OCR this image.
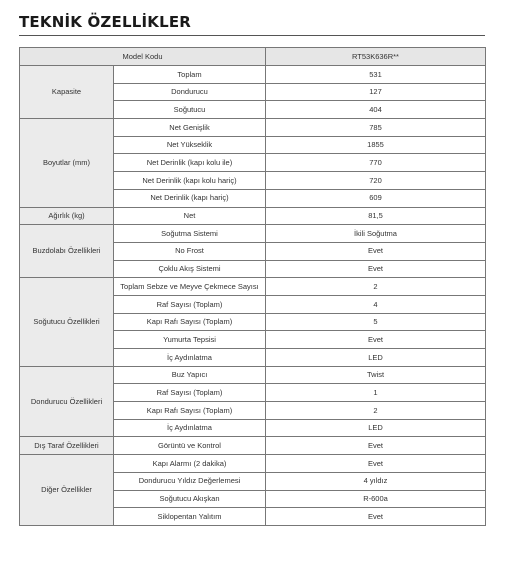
TEKNİK ÖZELLİKLER
Model Kodu		RT53K636R**
Kapasite	Toplam	531
	Dondurucu	127
	Soğutucu	404
Boyutlar (mm)	Net Genişlik	785
	Net Yükseklik	1855
	Net Derinlik (kapı kolu ile)	770
	Net Derinlik (kapı kolu hariç)	720
	Net Derinlik (kapı hariç)	609
Ağırlık (kg)	Net	81,5
Buzdolabı Özellikleri	Soğutma Sistemi	İkili Soğutma
	No Frost	Evet
	Çoklu Akış Sistemi	Evet
Soğutucu Özellikleri	Toplam Sebze ve Meyve Çekmece Sayısı	2
	Raf Sayısı (Toplam)	4
	Kapı Rafı Sayısı (Toplam)	5
	Yumurta Tepsisi	Evet
	İç Aydınlatma	LED
Dondurucu Özellikleri	Buz Yapıcı	Twist
	Raf Sayısı (Toplam)	1
	Kapı Rafı Sayısı (Toplam)	2
	İç Aydınlatma	LED
Dış Taraf Özellikleri	Görüntü ve Kontrol	Evet
Diğer Özellikler	Kapı Alarmı (2 dakika)	Evet
	Dondurucu Yıldız Değerlemesi	4 yıldız
	Soğutucu Akışkan	R-600a
	Siklopentan Yalıtım	Evet
